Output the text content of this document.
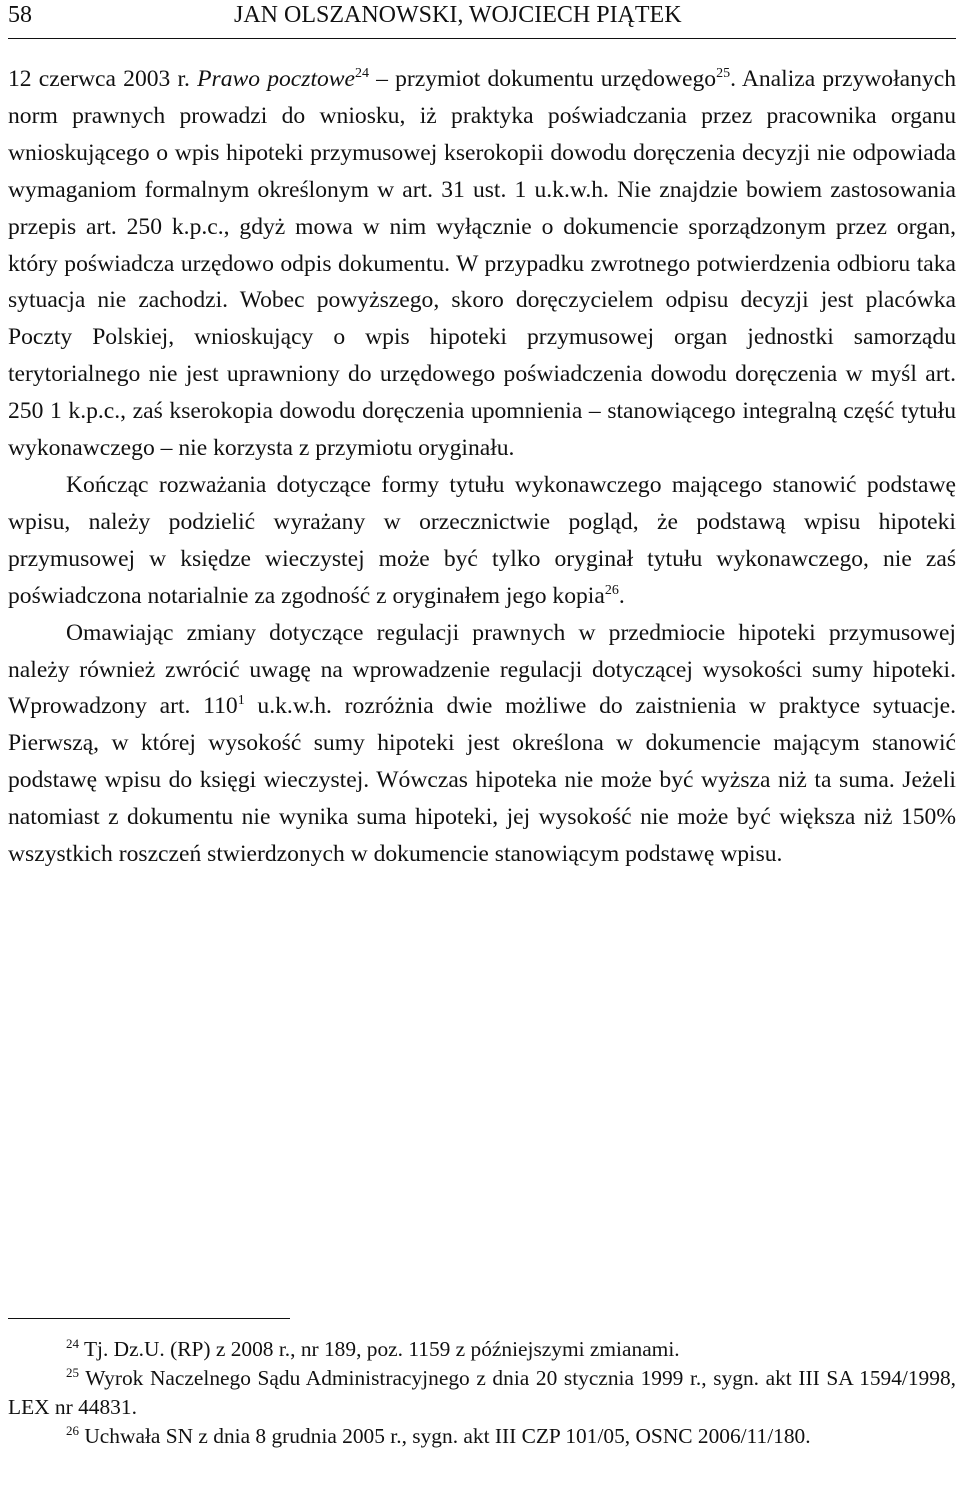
58	JAN OLSZANOWSKI, WOJCIECH PIĄTEK

12 czerwca 2003 r. Prawo pocztowe$^{24}$ – przymiot dokumentu urzędowego$^{25}$. Analiza przywołanych norm prawnych prowadzi do wniosku, iż praktyka poświadczania przez pracownika organu wnioskującego o wpis hipoteki przymusowej kserokopii dowodu doręczenia decyzji nie odpowiada wymaganiom formalnym określonym w art. 31 ust. 1 u.k.w.h. Nie znajdzie bowiem zastosowania przepis art. 250 k.p.c., gdyż mowa w nim wyłącznie o dokumencie sporządzonym przez organ, który poświadcza urzędowo odpis dokumentu. W przypadku zwrotnego potwierdzenia odbioru taka sytuacja nie zachodzi. Wobec powyższego, skoro doręczycielem odpisu decyzji jest placówka Poczty Polskiej, wnioskujący o wpis hipoteki przymusowej organ jednostki samorządu terytorialnego nie jest uprawniony do urzędowego poświadczenia dowodu doręczenia w myśl art. 250 1 k.p.c., zaś kserokopia dowodu doręczenia upomnienia – stanowiącego integralną część tytułu wykonawczego – nie korzysta z przymiotu oryginału.

Kończąc rozważania dotyczące formy tytułu wykonawczego mającego stanowić podstawę wpisu, należy podzielić wyrażany w orzecznictwie pogląd, że podstawą wpisu hipoteki przymusowej w księdze wieczystej może być tylko oryginał tytułu wykonawczego, nie zaś poświadczona notarialnie za zgodność z oryginałem jego kopia$^{26}$.

Omawiając zmiany dotyczące regulacji prawnych w przedmiocie hipoteki przymusowej należy również zwrócić uwagę na wprowadzenie regulacji dotyczącej wysokości sumy hipoteki. Wprowadzony art. $110^1$ u.k.w.h. rozróżnia dwie możliwe do zaistnienia w praktyce sytuacje. Pierwszą, w której wysokość sumy hipoteki jest określona w dokumencie mającym stanowić podstawę wpisu do księgi wieczystej. Wówczas hipoteka nie może być wyższa niż ta suma. Jeżeli natomiast z dokumentu nie wynika suma hipoteki, jej wysokość nie może być większa niż 150% wszystkich roszczeń stwierdzonych w dokumencie stanowiącym podstawę wpisu.

$^{24}$ Tj. Dz.U. (RP) z 2008 r., nr 189, poz. 1159 z późniejszymi zmianami.

$^{25}$ Wyrok Naczelnego Sądu Administracyjnego z dnia 20 stycznia 1999 r., sygn. akt III SA 1594/1998, LEX nr 44831.

$^{26}$ Uchwała SN z dnia 8 grudnia 2005 r., sygn. akt III CZP 101/05, OSNC 2006/11/180.
